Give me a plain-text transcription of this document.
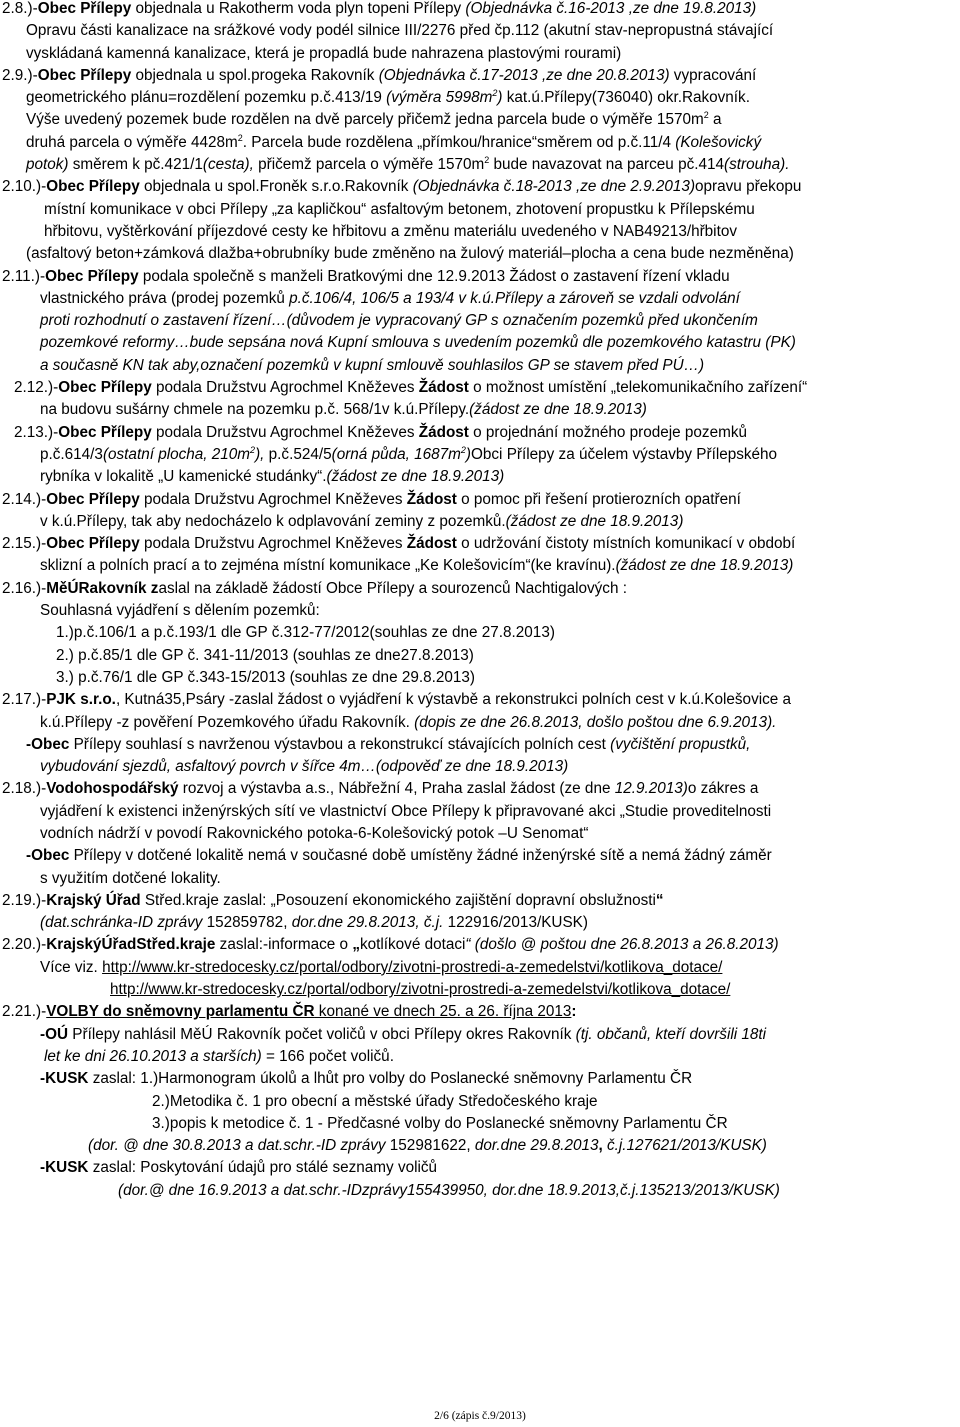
2.8.)-Obec Přílepy objednala u Rakotherm voda plyn topeni Přílepy (Objednávka č.16-2013 ,ze dne 19.8.2013)
Opravu části kanalizace na srážkové vody podél silnice III/2276 před čp.112 (akutní stav-nepropustná stávající
vyskládaná kamenná kanalizace, která je propadlá bude nahrazena plastovými rourami)
2.9.)-Obec Přílepy objednala u spol.progeka Rakovník (Objednávka č.17-2013 ,ze dne 20.8.2013) vypracování
geometrického plánu=rozdělení pozemku p.č.413/19 (výměra $5998m^2$) kat.ú.Přílepy(736040) okr.Rakovník.
Výše uvedený pozemek bude rozdělen na dvě parcely přičemž jedna parcela bude o výměře $1570m^2$ a
druhá parcela o výměře $4428m^2$. Parcela bude rozdělena „přímkou/hranice“směrem od p.č.11/4 (Kolešovický
potok) směrem k pč.421/1(cesta), přičemž parcela o výměře $1570m^2$ bude navazovat na parceu pč.414(strouha).
2.10.)-Obec Přílepy objednala u spol.Froněk s.r.o.Rakovník (Objednávka č.18-2013 ,ze dne 2.9.2013)opravu překopu
místní komunikace v obci Přílepy „za kapličkou“ asfaltovým betonem, zhotovení propustku k Přílepskému
hřbitovu, vyštěrkování příjezdové cesty ke hřbitovu a změnu materiálu uvedeného v NAB49213/hřbitov
(asfaltový beton+zámková dlažba+obrubníky bude změněno na žulový materiál–plocha a cena bude nezměněna)
2.11.)-Obec Přílepy podala společně s manželi Bratkovými dne 12.9.2013 Žádost o zastavení řízení vkladu
vlastnického práva (prodej pozemků p.č.106/4, 106/5 a 193/4 v k.ú.Přílepy a zároveň se vzdali odvolání
proti rozhodnutí o zastavení řízení…(důvodem je vypracovaný GP s označením pozemků před ukončením
pozemkové reformy…bude sepsána nová Kupní smlouva s uvedením pozemků dle pozemkového katastru (PK)
a současně KN tak aby,označení pozemků v kupní smlouvě souhlasilos GP se stavem před PÚ…)
2.12.)-Obec Přílepy podala Družstvu Agrochmel Kněževes Žádost o možnost umístění „telekomunikačního zařízení“
na budovu sušárny chmele na pozemku p.č. 568/1v k.ú.Přílepy.(žádost ze dne 18.9.2013)
2.13.)-Obec Přílepy podala Družstvu Agrochmel Kněževes Žádost o projednání možného prodeje pozemků
p.č.614/3(ostatní plocha, $210m^2$), p.č.524/5(orná půda, $1687m^2)Obci$ Přílepy za účelem výstavby Přílepského
rybníka v lokalitě „U kamenické studánky“.(žádost ze dne 18.9.2013)
2.14.)-Obec Přílepy podala Družstvu Agrochmel Kněževes Žádost o pomoc při řešení protierozních opatření
v k.ú.Přílepy, tak aby nedocházelo k odplavování zeminy z pozemků.(žádost ze dne 18.9.2013)
2.15.)-Obec Přílepy podala Družstvu Agrochmel Kněževes Žádost o udržování čistoty místních komunikací v období
sklizní a polních prací a to zejména místní komunikace „Ke Kolešovicím“(ke kravínu).(žádost ze dne 18.9.2013)
2.16.)-MěÚRakovník zaslal na základě žádostí Obce Přílepy a sourozenců Nachtigalových :
Souhlasná vyjádření s dělením pozemků:
1.)p.č.106/1 a p.č.193/1 dle GP č.312-77/2012(souhlas ze dne 27.8.2013)
2.) p.č.85/1 dle GP č. 341-11/2013 (souhlas ze dne27.8.2013)
3.) p.č.76/1 dle GP č.343-15/2013 (souhlas ze dne 29.8.2013)
2.17.)-PJK s.r.o., Kutná35,Psáry -zaslal žádost o vyjádření k výstavbě a rekonstrukci polních cest v k.ú.Kolešovice a
k.ú.Přílepy -z pověření Pozemkového úřadu Rakovník. (dopis ze dne 26.8.2013, došlo poštou dne 6.9.2013).
-Obec Přílepy souhlasí s navrženou výstavbou a rekonstrukcí stávajících polních cest (vyčištění propustků,
vybudování sjezdů, asfaltový povrch v šířce 4m…(odpověď ze dne 18.9.2013)
2.18.)-Vodohospodářský rozvoj a výstavba a.s., Nábřežní 4, Praha zaslal žádost (ze dne 12.9.2013)o zákres a
vyjádření k existenci inženýrských sítí ve vlastnictví Obce Přílepy k připravované akci „Studie proveditelnosti
vodních nádrží v povodí Rakovnického potoka-6-Kolešovický potok –U Senomat“
-Obec Přílepy v dotčené lokalitě nemá v současné době umístěny žádné inženýrské sítě a nemá žádný záměr
s využitím dotčené lokality.
2.19.)-Krajský Úřad Střed.kraje zaslal: „Posouzení ekonomického zajištění dopravní obslužnosti“
(dat.schránka-ID zprávy 152859782, dor.dne 29.8.2013, č.j. 122916/2013/KUSK)
2.20.)-KrajskýÚřadStřed.kraje zaslal:-informace o „kotlíkové dotaci“ (došlo @ poštou dne 26.8.2013 a 26.8.2013)
Více viz. http://www.kr-stredocesky.cz/portal/odbory/zivotni-prostredi-a-zemedelstvi/kotlikova_dotace/
http://www.kr-stredocesky.cz/portal/odbory/zivotni-prostredi-a-zemedelstvi/kotlikova_dotace/
2.21.)-VOLBY do sněmovny parlamentu ČR konané ve dnech 25. a 26. října 2013:
-OÚ Přílepy nahlásil MěÚ Rakovník počet voličů v obci Přílepy okres Rakovník (tj. občanů, kteří dovršili 18ti
let ke dni 26.10.2013 a starších) = 166 počet voličů.
-KUSK zaslal: 1.)Harmonogram úkolů a lhůt pro volby do Poslanecké sněmovny Parlamentu ČR
2.)Metodika č. 1 pro obecní a městské úřady Středočeského kraje
3.)popis k metodice č. 1 - Předčasné volby do Poslanecké sněmovny Parlamentu ČR
(dor. @ dne 30.8.2013 a dat.schr.-ID zprávy 152981622, dor.dne 29.8.2013, č.j.127621/2013/KUSK)
-KUSK zaslal: Poskytování údajů pro stálé seznamy voličů
(dor.@ dne 16.9.2013 a dat.schr.-IDzprávy155439950, dor.dne 18.9.2013,č.j.135213/2013/KUSK)
2/6 (zápis č.9/2013)
